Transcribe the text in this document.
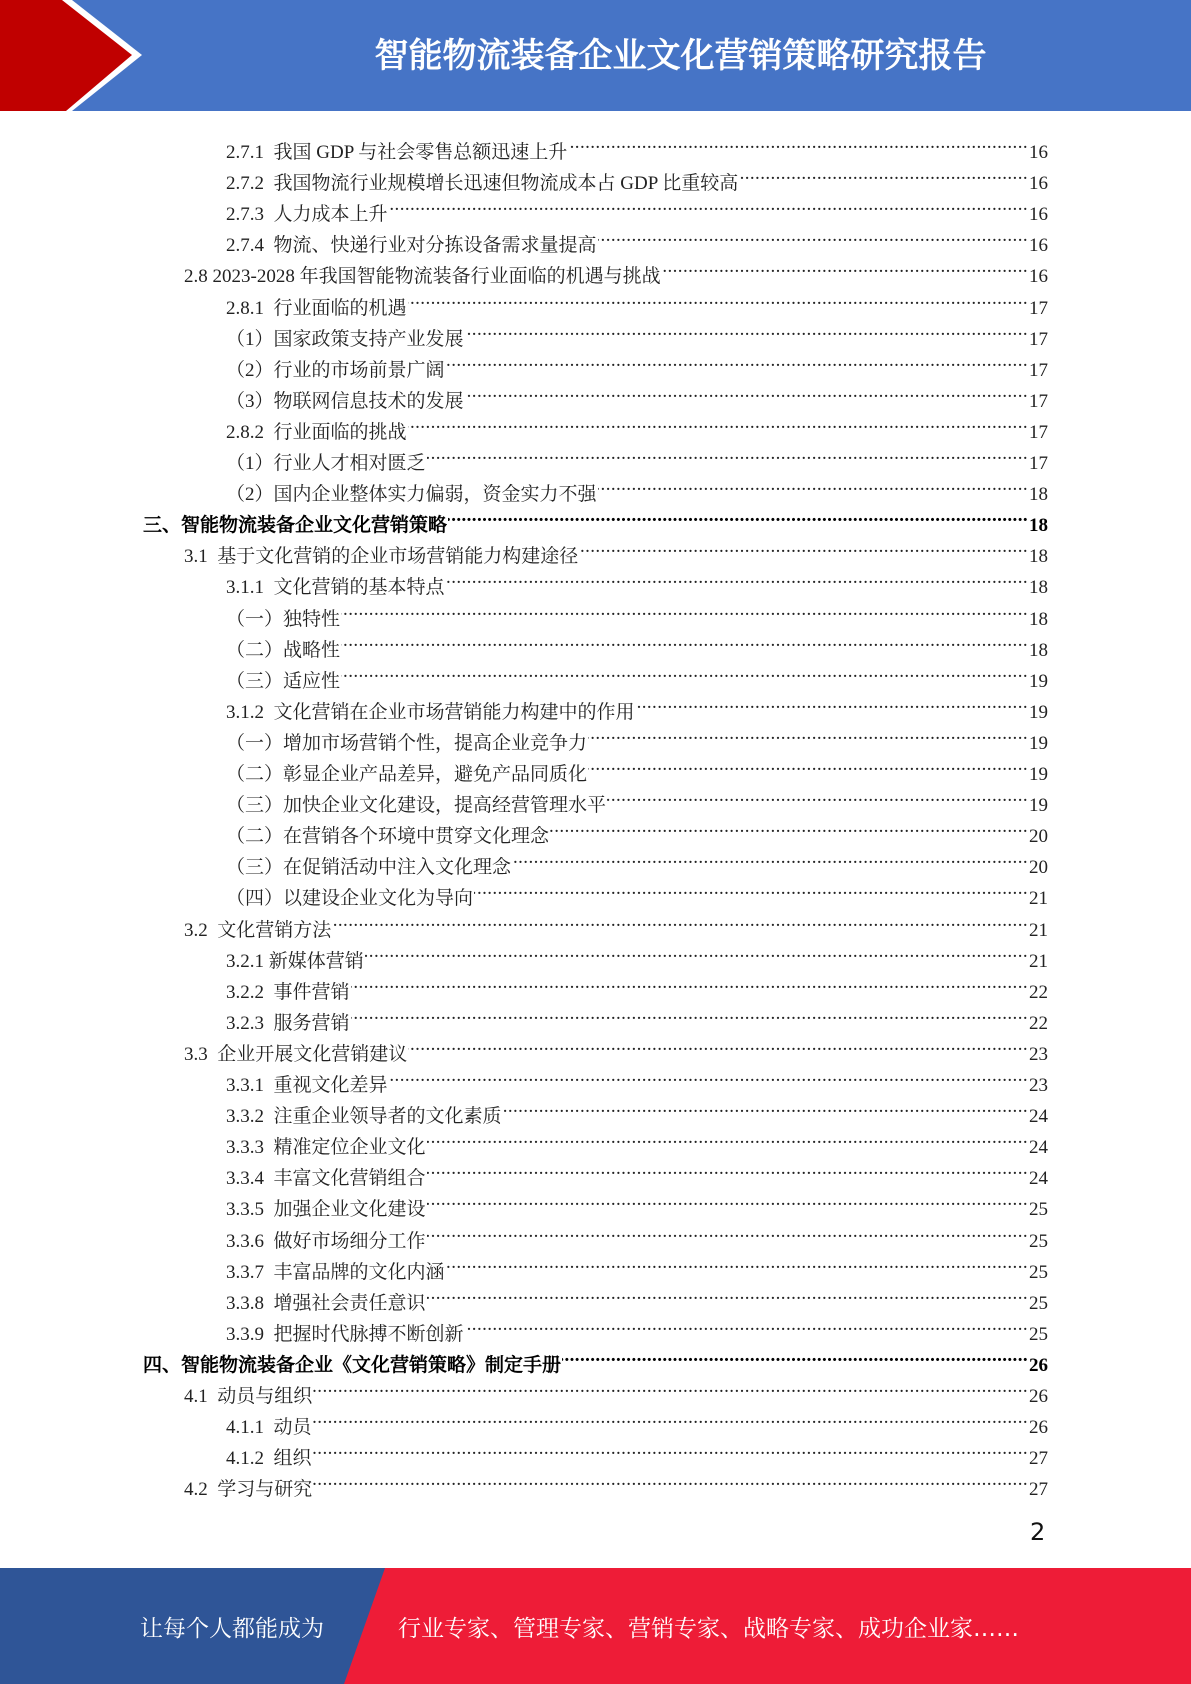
智能物流装备企业文化营销策略研究报告
2.7.1  我国 GDP 与社会零售总额迅速上升 .....	16
2.7.2  我国物流行业规模增长迅速但物流成本占 GDP 比重较高 .....	16
2.7.3  人力成本上升 .....	16
2.7.4  物流、快递行业对分拣设备需求量提高 .....	16
2.8 2023-2028 年我国智能物流装备行业面临的机遇与挑战 .....	16
2.8.1  行业面临的机遇 .....	17
（1）国家政策支持产业发展 .....	17
（2）行业的市场前景广阔 .....	17
（3）物联网信息技术的发展 .....	17
2.8.2  行业面临的挑战 .....	17
（1）行业人才相对匮乏 .....	17
（2）国内企业整体实力偏弱，资金实力不强 .....	18
三、智能物流装备企业文化营销策略 .....	18
3.1  基于文化营销的企业市场营销能力构建途径 .....	18
3.1.1  文化营销的基本特点 .....	18
（一）独特性 .....	18
（二）战略性 .....	18
（三）适应性 .....	19
3.1.2  文化营销在企业市场营销能力构建中的作用 .....	19
（一）增加市场营销个性，提高企业竞争力 .....	19
（二）彰显企业产品差异，避免产品同质化 .....	19
（三）加快企业文化建设，提高经营管理水平 .....	19
（二）在营销各个环境中贯穿文化理念 .....	20
（三）在促销活动中注入文化理念 .....	20
（四）以建设企业文化为导向 .....	21
3.2  文化营销方法 .....	21
3.2.1 新媒体营销 .....	21
3.2.2  事件营销 .....	22
3.2.3  服务营销 .....	22
3.3  企业开展文化营销建议 .....	23
3.3.1  重视文化差异 .....	23
3.3.2  注重企业领导者的文化素质 .....	24
3.3.3  精准定位企业文化 .....	24
3.3.4  丰富文化营销组合 .....	24
3.3.5  加强企业文化建设 .....	25
3.3.6  做好市场细分工作 .....	25
3.3.7  丰富品牌的文化内涵 .....	25
3.3.8  增强社会责任意识 .....	25
3.3.9  把握时代脉搏不断创新 .....	25
四、智能物流装备企业《文化营销策略》制定手册 .....	26
4.1  动员与组织 .....	26
4.1.1  动员 .....	26
4.1.2  组织 .....	27
4.2  学习与研究 .....	27
2
让每个人都能成为	行业专家、管理专家、营销专家、战略专家、成功企业家……
